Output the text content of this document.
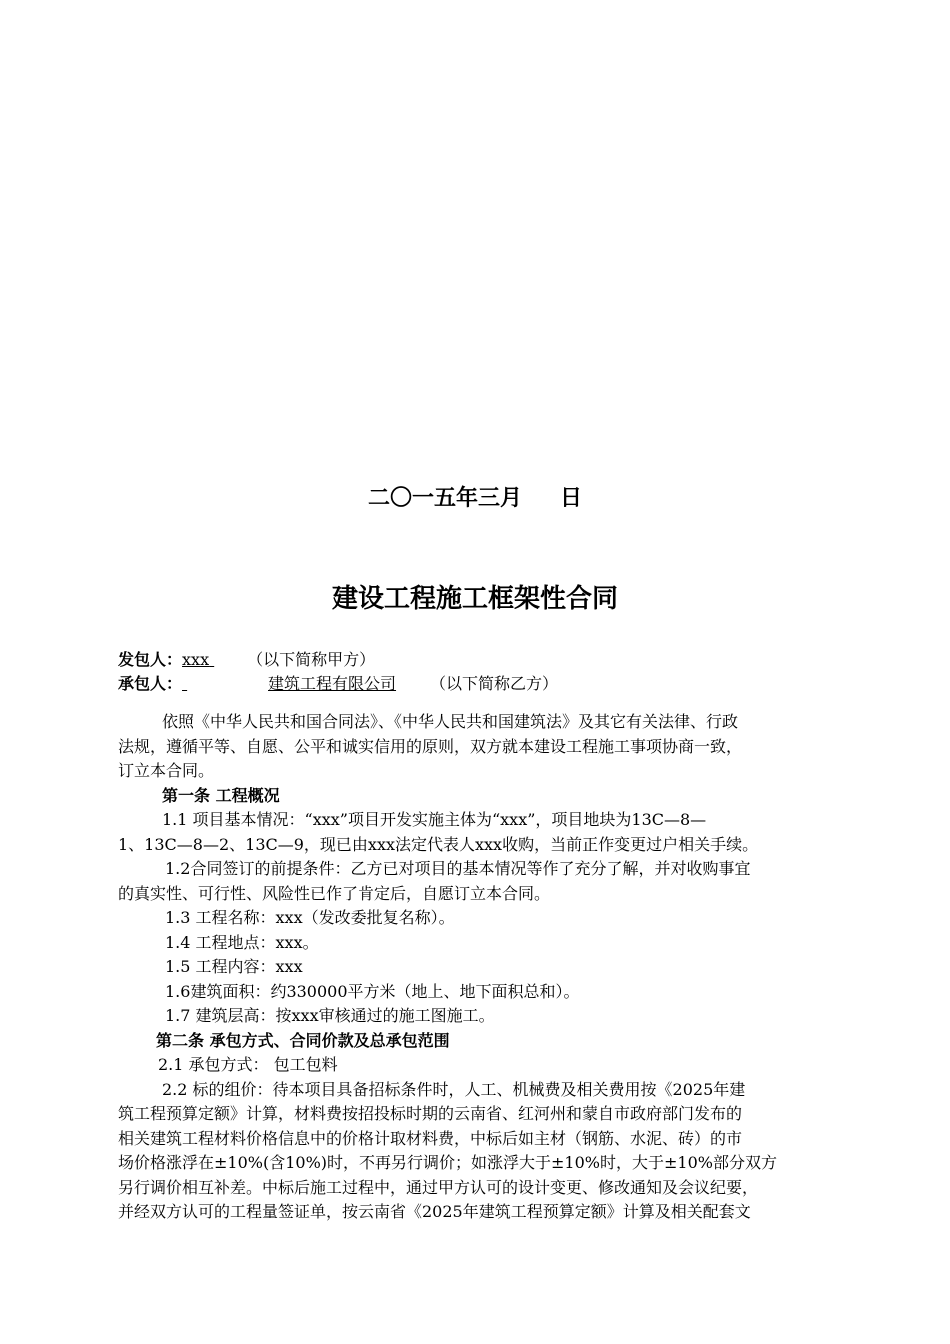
二〇一五年三月 日
建设工程施工框架性合同
发包人：xxx （以下简称甲方）
承包人：	建筑工程有限公司 （以下简称乙方）
依照《中华人民共和国合同法》、《中华人民共和国建筑法》及其它有关法律、行政
法规，遵循平等、自愿、公平和诚实信用的原则，双方就本建设工程施工事项协商一致，
订立本合同。
第一条 工程概况
1.1 项目基本情况：“xxx”项目开发实施主体为“xxx”，项目地块为13C—8—
1、13C—8—2、13C—9，现已由xxx法定代表人xxx收购，当前正作变更过户相关手续。
1.2合同签订的前提条件：乙方已对项目的基本情况等作了充分了解，并对收购事宜
的真实性、可行性、风险性已作了肯定后，自愿订立本合同。
1.3 工程名称：xxx（发改委批复名称）。
1.4 工程地点：xxx。
1.5 工程内容：xxx
1.6建筑面积：约330000平方米（地上、地下面积总和）。
1.7 建筑层高：按xxx审核通过的施工图施工。
第二条 承包方式、合同价款及总承包范围
2.1 承包方式： 包工包料
2.2 标的组价：待本项目具备招标条件时，人工、机械费及相关费用按《2025年建
筑工程预算定额》计算，材料费按招投标时期的云南省、红河州和蒙自市政府部门发布的
相关建筑工程材料价格信息中的价格计取材料费，中标后如主材（钢筋、水泥、砖）的市
场价格涨浮在±10%(含10%)时，不再另行调价；如涨浮大于±10%时，大于±10%部分双方
另行调价相互补差。中标后施工过程中，通过甲方认可的设计变更、修改通知及会议纪要，
并经双方认可的工程量签证单，按云南省《2025年建筑工程预算定额》计算及相关配套文
